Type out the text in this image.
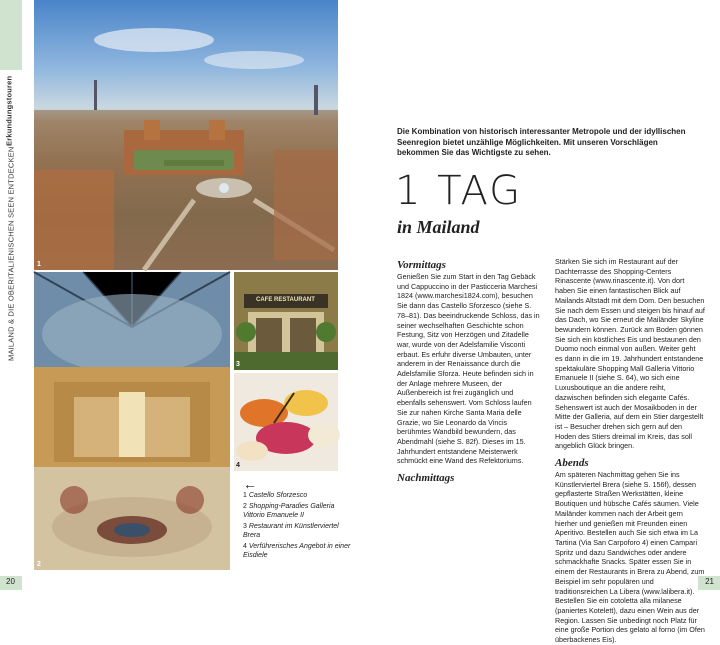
MAILAND & DIE OBERITALIENISCHEN SEEN ENTDECKEN
Erkundungstouren
1
2
CAFE RESTAURANT
3
4
←
1 Castello Sforzesco
2 Shopping-Paradies Galleria Vittorio Emanuele II
3 Restaurant im Künstlerviertel Brera
4 Verführerisches Angebot in einer Eisdiele
20
Die Kombination von historisch interessanter Metropole und der idyllischen Seenregion bietet unzählige Möglichkeiten. Mit unseren Vorschlägen bekommen Sie das Wichtigste zu sehen.
1 TAG
in Mailand
Vormittags

Genießen Sie zum Start in den Tag Gebäck und Cappuccino in der Pasticceria Marchesi 1824 (www.marchesi1824.com), besuchen Sie dann das Castello Sforzesco (siehe S. 78–81). Das beeindruckende Schloss, das in seiner wechselhaften Geschichte schon Festung, Sitz von Herzögen und Zitadelle war, wurde von der Adelsfamilie Visconti erbaut. Es erfuhr diverse Umbauten, unter anderem in der Renaissance durch die Adelsfamilie Sforza. Heute befinden sich in der Anlage mehrere Museen, der Außenbereich ist frei zugänglich und ebenfalls sehenswert. Vom Schloss laufen Sie zur nahen Kirche Santa Maria delle Grazie, wo Sie Leonardo da Vincis berühmtes Wandbild bewundern, das Abendmahl (siehe S. 82f). Dieses im 15. Jahrhundert entstandene Meisterwerk schmückt eine Wand des Refektoriums.

Nachmittags

Stärken Sie sich im Restaurant auf der Dachterrasse des Shopping-Centers Rinascente (www.rinascente.it). Von dort haben Sie einen fantastischen Blick auf Mailands Altstadt mit dem Dom. Den besuchen Sie nach dem Essen und steigen bis hinauf auf das Dach, wo Sie erneut die Mailänder Skyline bewundern können. Zurück am Boden gönnen Sie sich ein köstliches Eis und bestaunen den Duomo noch einmal von außen. Weiter geht es dann in die im 19. Jahrhundert entstandene spektakuläre Shopping Mall Galleria Vittorio Emanuele II (siehe S. 64), wo sich eine Luxusboutique an die andere reiht, dazwischen befinden sich elegante Cafés. Sehenswert ist auch der Mosaikboden in der Mitte der Galleria, auf dem ein Stier dargestellt ist – Besucher drehen sich gern auf den Hoden des Stiers dreimal im Kreis, das soll angeblich Glück bringen.

Abends

Am späteren Nachmittag gehen Sie ins Künstlerviertel Brera (siehe S. 156f), dessen gepflasterte Straßen Werkstätten, kleine Boutiquen und hübsche Cafés säumen. Viele Mailänder kommen nach der Arbeit gern hierher und genießen mit Freunden einen Aperitivo. Bestellen auch Sie sich etwa im La Tartina (Via San Carpoforo 4) einen Campari Spritz und dazu Sandwiches oder andere schmackhafte Snacks. Später essen Sie in einem der Restaurants in Brera zu Abend, zum Beispiel im sehr populären und traditionsreichen La Libera (www.lalibera.it). Bestellen Sie ein cotoletta alla milanese (paniertes Kotelett), dazu einen Wein aus der Region. Lassen Sie unbedingt noch Platz für eine große Portion des gelato al forno (im Ofen überbackenes Eis).

21
